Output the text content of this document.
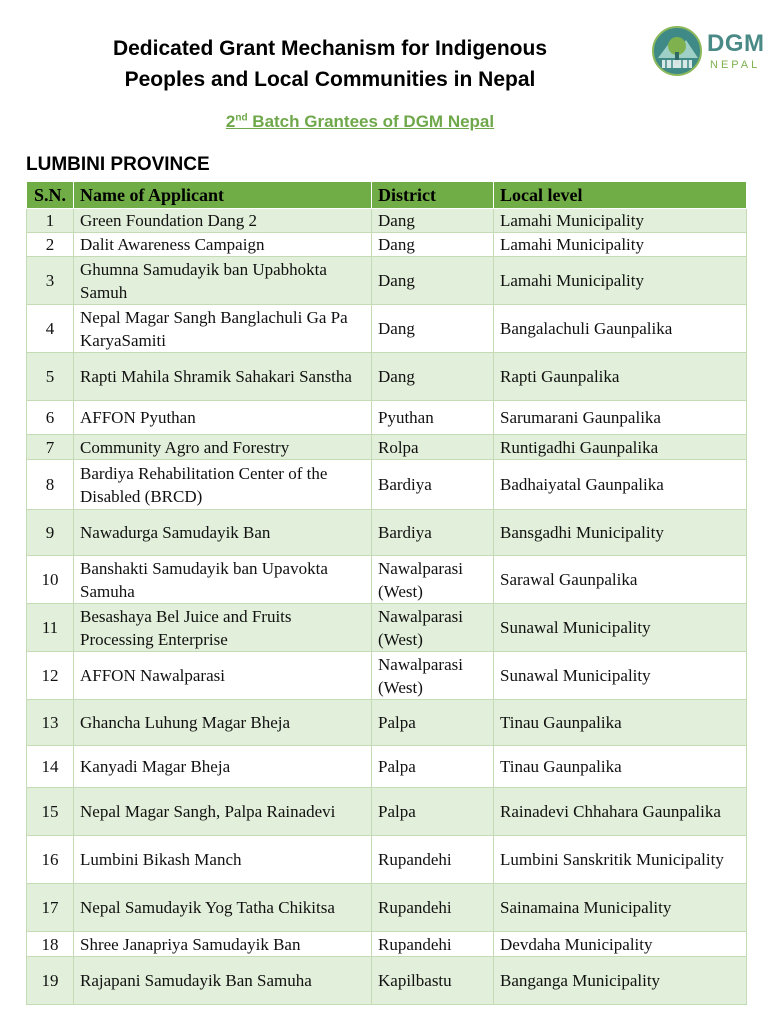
Dedicated Grant Mechanism for Indigenous
Peoples and Local Communities in Nepal
DGM
NEPAL
2nd Batch Grantees of DGM Nepal
LUMBINI PROVINCE
S.N.	Name of Applicant	District	Local level
1	Green Foundation Dang 2	Dang	Lamahi Municipality
2	Dalit Awareness Campaign	Dang	Lamahi Municipality
3	Ghumna Samudayik ban Upabhokta Samuh	Dang	Lamahi Municipality
4	Nepal Magar Sangh Banglachuli Ga Pa KaryaSamiti	Dang	Bangalachuli Gaunpalika
5	Rapti Mahila Shramik Sahakari Sanstha	Dang	Rapti Gaunpalika
6	AFFON Pyuthan	Pyuthan	Sarumarani Gaunpalika
7	Community Agro and Forestry	Rolpa	Runtigadhi Gaunpalika
8	Bardiya Rehabilitation Center of the Disabled (BRCD)	Bardiya	Badhaiyatal Gaunpalika
9	Nawadurga Samudayik Ban	Bardiya	Bansgadhi Municipality
10	Banshakti Samudayik ban Upavokta Samuha	Nawalparasi (West)	Sarawal Gaunpalika
11	Besashaya Bel Juice and Fruits Processing Enterprise	Nawalparasi (West)	Sunawal Municipality
12	AFFON Nawalparasi	Nawalparasi (West)	Sunawal Municipality
13	Ghancha Luhung Magar Bheja	Palpa	Tinau Gaunpalika
14	Kanyadi Magar Bheja	Palpa	Tinau Gaunpalika
15	Nepal Magar Sangh, Palpa Rainadevi	Palpa	Rainadevi Chhahara Gaunpalika
16	Lumbini Bikash Manch	Rupandehi	Lumbini Sanskritik Municipality
17	Nepal Samudayik Yog Tatha Chikitsa	Rupandehi	Sainamaina Municipality
18	Shree Janapriya Samudayik Ban	Rupandehi	Devdaha Municipality
19	Rajapani Samudayik Ban Samuha	Kapilbastu	Banganga Municipality
